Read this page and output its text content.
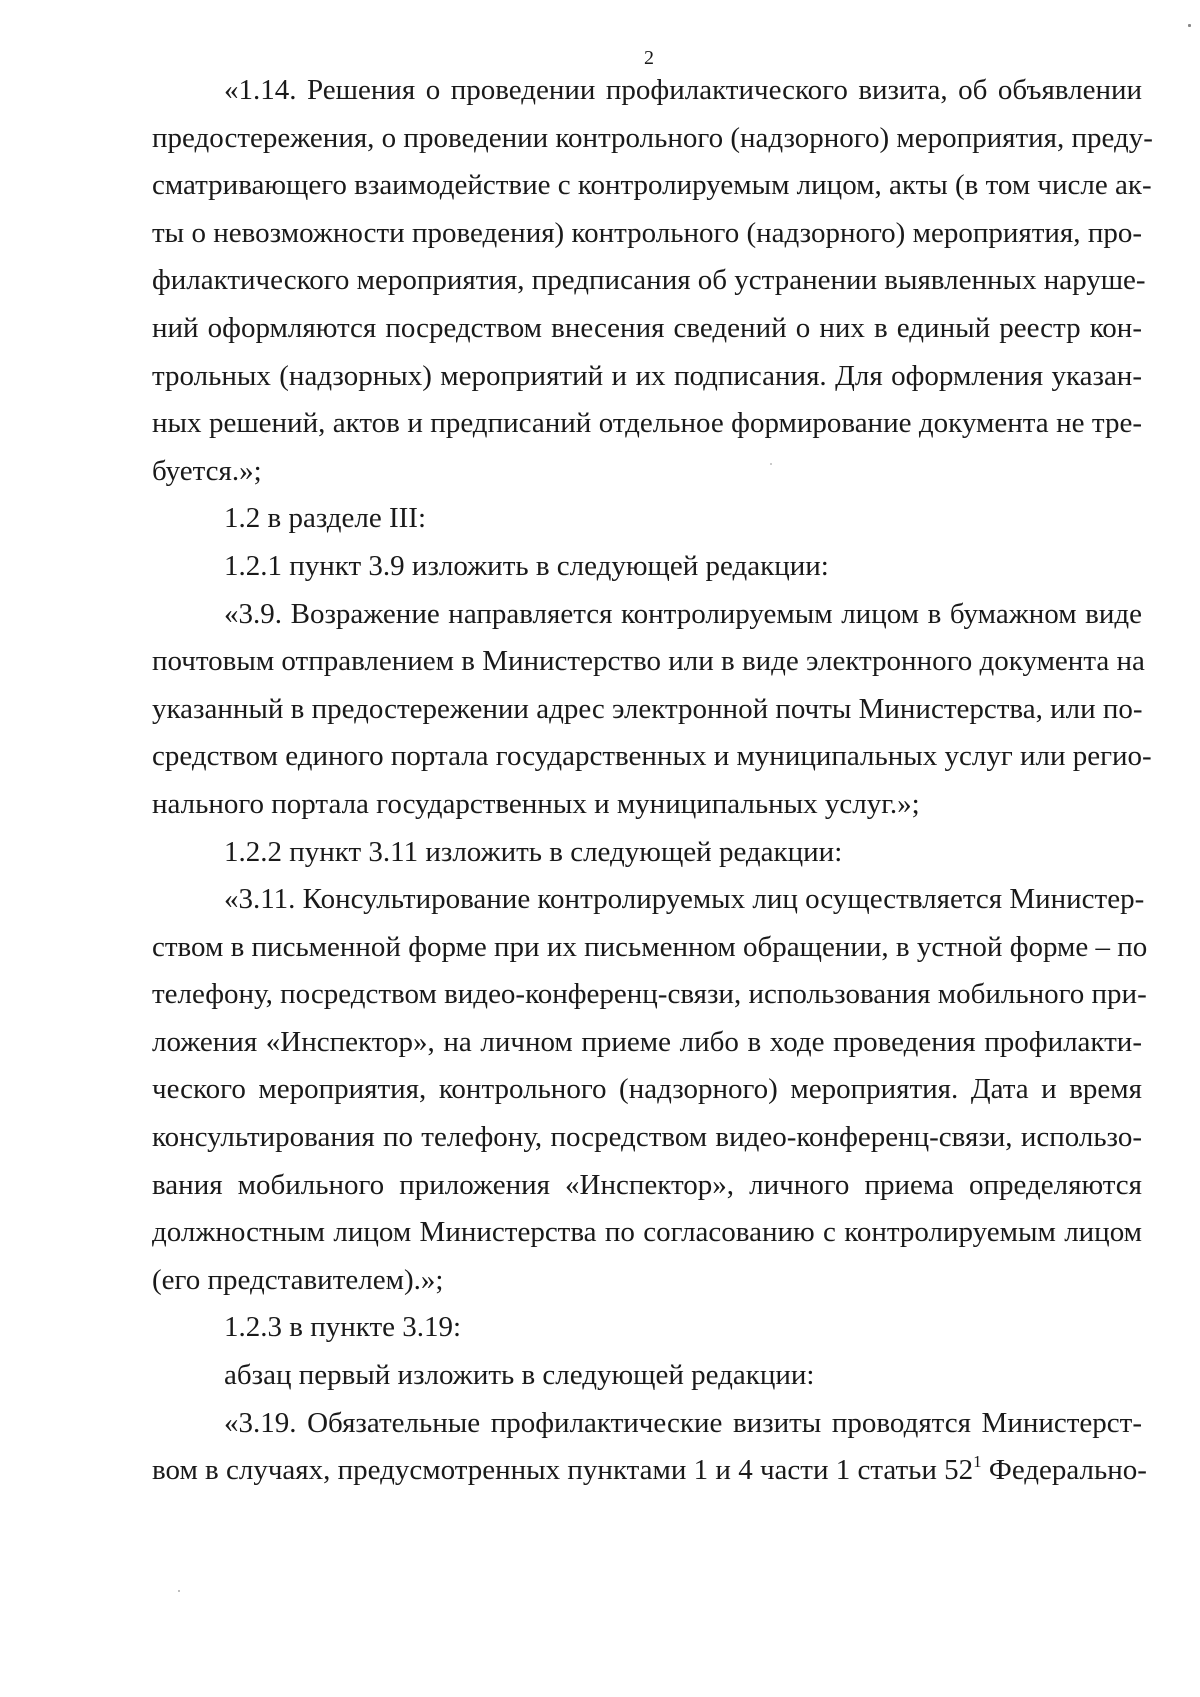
2
«1.14. Решения о проведении профилактического визита, об объявлении
предостережения, о проведении контрольного (надзорного) мероприятия, преду-
сматривающего взаимодействие с контролируемым лицом, акты (в том числе ак-
ты о невозможности проведения) контрольного (надзорного) мероприятия, про-
филактического мероприятия, предписания об устранении выявленных наруше-
ний оформляются посредством внесения сведений о них в единый реестр кон-
трольных (надзорных) мероприятий и их подписания. Для оформления указан-
ных решений, актов и предписаний отдельное формирование документа не тре-
буется.»;
1.2 в разделе III:
1.2.1 пункт 3.9 изложить в следующей редакции:
«3.9. Возражение направляется контролируемым лицом в бумажном виде
почтовым отправлением в Министерство или в виде электронного документа на
указанный в предостережении адрес электронной почты Министерства, или по-
средством единого портала государственных и муниципальных услуг или регио-
нального портала государственных и муниципальных услуг.»;
1.2.2 пункт 3.11 изложить в следующей редакции:
«3.11. Консультирование контролируемых лиц осуществляется Министер-
ством в письменной форме при их письменном обращении, в устной форме – по
телефону, посредством видео-конференц-связи, использования мобильного при-
ложения «Инспектор», на личном приеме либо в ходе проведения профилакти-
ческого мероприятия, контрольного (надзорного) мероприятия. Дата и время
консультирования по телефону, посредством видео-конференц-связи, использо-
вания мобильного приложения «Инспектор», личного приема определяются
должностным лицом Министерства по согласованию с контролируемым лицом
(его представителем).»;
1.2.3 в пункте 3.19:
абзац первый изложить в следующей редакции:
«3.19. Обязательные профилактические визиты проводятся Министерст-
вом в случаях, предусмотренных пунктами 1 и 4 части 1 статьи $52^1$ Федерально-
